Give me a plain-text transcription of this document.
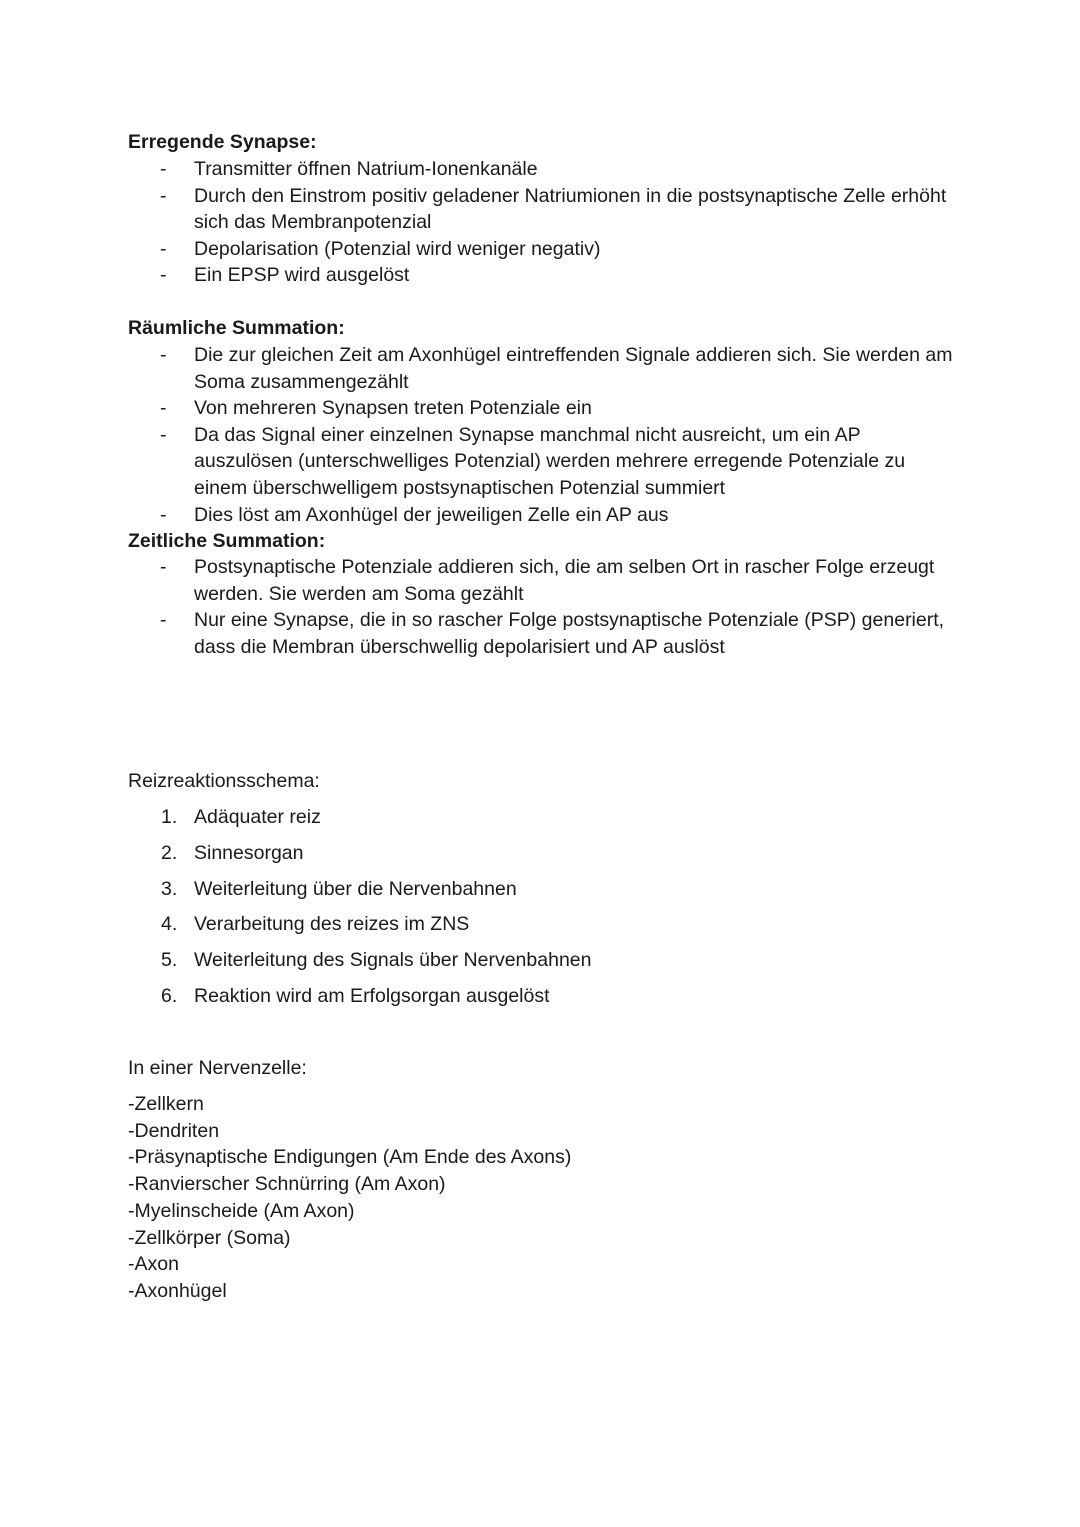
Erregende Synapse:
- Transmitter öffnen Natrium-Ionenkanäle
- Durch den Einstrom positiv geladener Natriumionen in die postsynaptische Zelle erhöht sich das Membranpotenzial
- Depolarisation (Potenzial wird weniger negativ)
- Ein EPSP wird ausgelöst
Räumliche Summation:
- Die zur gleichen Zeit am Axonhügel eintreffenden Signale addieren sich. Sie werden am Soma zusammengezählt
- Von mehreren Synapsen treten Potenziale ein
- Da das Signal einer einzelnen Synapse manchmal nicht ausreicht, um ein AP auszulösen (unterschwelliges Potenzial) werden mehrere erregende Potenziale zu einem überschwelligem postsynaptischen Potenzial summiert
- Dies löst am Axonhügel der jeweiligen Zelle ein AP aus
Zeitliche Summation:
- Postsynaptische Potenziale addieren sich, die am selben Ort in rascher Folge erzeugt werden. Sie werden am Soma gezählt
- Nur eine Synapse, die in so rascher Folge postsynaptische Potenziale (PSP) generiert, dass die Membran überschwellig depolarisiert und AP auslöst
Reizreaktionsschema:
1. Adäquater reiz
2. Sinnesorgan
3. Weiterleitung über die Nervenbahnen
4. Verarbeitung des reizes im ZNS
5. Weiterleitung des Signals über Nervenbahnen
6. Reaktion wird am Erfolgsorgan ausgelöst
In einer Nervenzelle:
-Zellkern
-Dendriten
-Präsynaptische Endigungen (Am Ende des Axons)
-Ranvierscher Schnürring (Am Axon)
-Myelinscheide (Am Axon)
-Zellkörper (Soma)
-Axon
-Axonhügel
